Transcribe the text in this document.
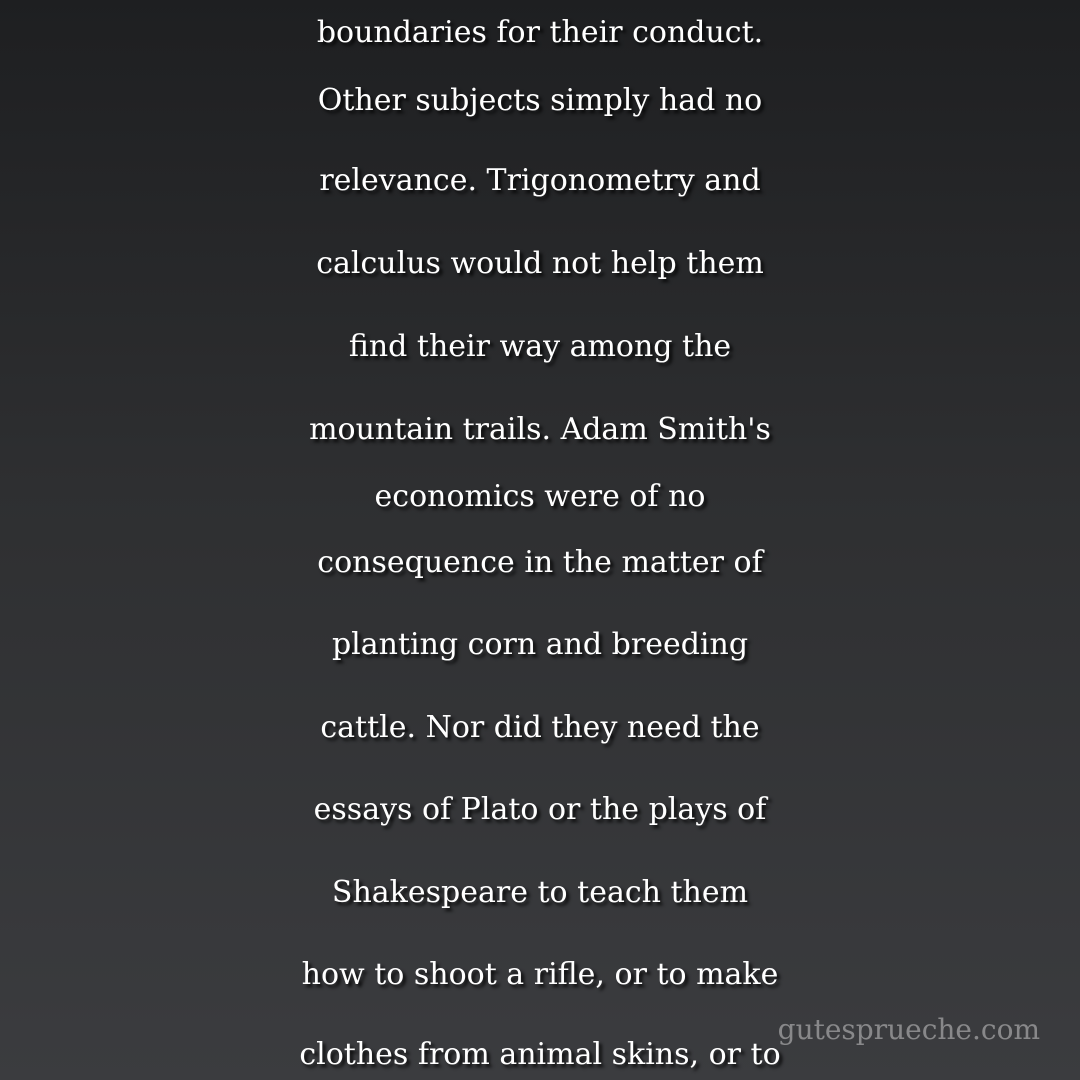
boundaries for their conduct.
Other subjects simply had no
relevance. Trigonometry and
calculus would not help them
find their way among the
mountain trails. Adam Smith's
economics were of no
consequence in the matter of
planting corn and breeding
cattle. Nor did they need the
essays of Plato or the plays of
Shakespeare to teach them
how to shoot a rifle, or to make
clothes from animal skins, or to
gutesprueche.com
